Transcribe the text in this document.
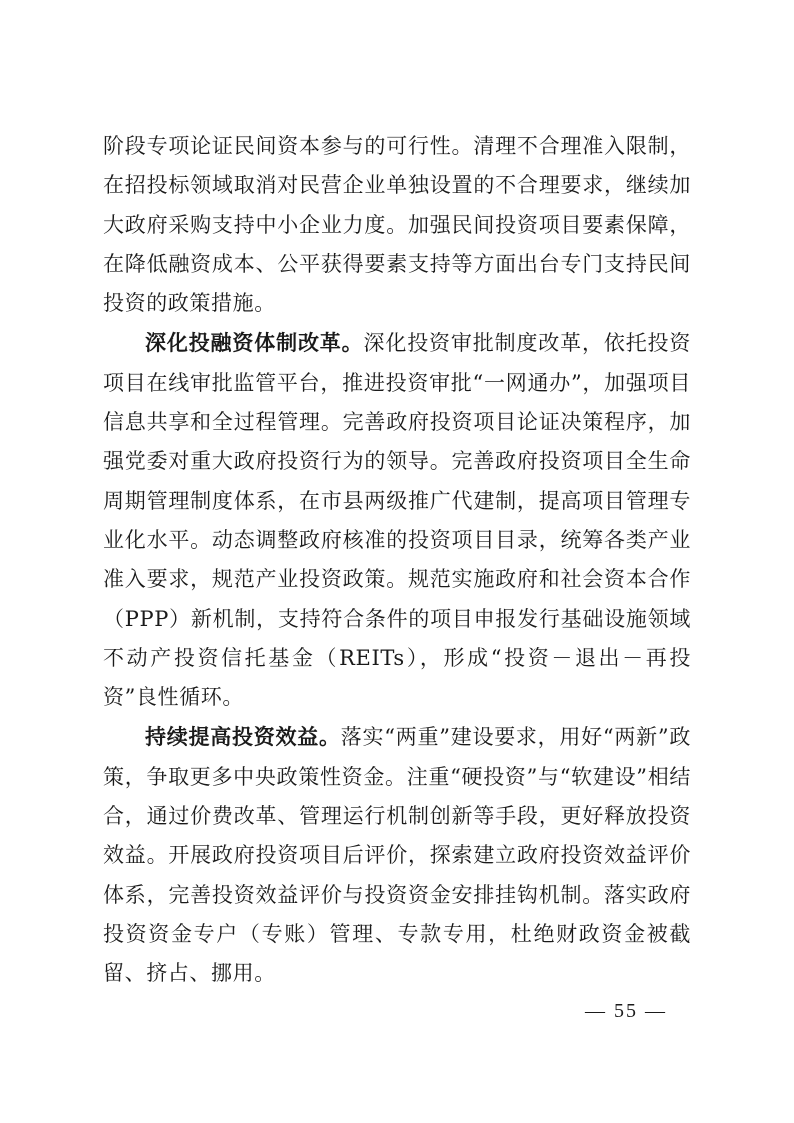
阶段专项论证民间资本参与的可行性。清理不合理准入限制，在招投标领域取消对民营企业单独设置的不合理要求，继续加大政府采购支持中小企业力度。加强民间投资项目要素保障，在降低融资成本、公平获得要素支持等方面出台专门支持民间投资的政策措施。

深化投融资体制改革。深化投资审批制度改革，依托投资项目在线审批监管平台，推进投资审批“一网通办”，加强项目信息共享和全过程管理。完善政府投资项目论证决策程序，加强党委对重大政府投资行为的领导。完善政府投资项目全生命周期管理制度体系，在市县两级推广代建制，提高项目管理专业化水平。动态调整政府核准的投资项目目录，统筹各类产业准入要求，规范产业投资政策。规范实施政府和社会资本合作（PPP）新机制，支持符合条件的项目申报发行基础设施领域不动产投资信托基金（REITs），形成“投资－退出－再投资”良性循环。

持续提高投资效益。落实“两重”建设要求，用好“两新”政策，争取更多中央政策性资金。注重“硬投资”与“软建设”相结合，通过价费改革、管理运行机制创新等手段，更好释放投资效益。开展政府投资项目后评价，探索建立政府投资效益评价体系，完善投资效益评价与投资资金安排挂钩机制。落实政府投资资金专户（专账）管理、专款专用，杜绝财政资金被截留、挤占、挪用。

— 55 —
